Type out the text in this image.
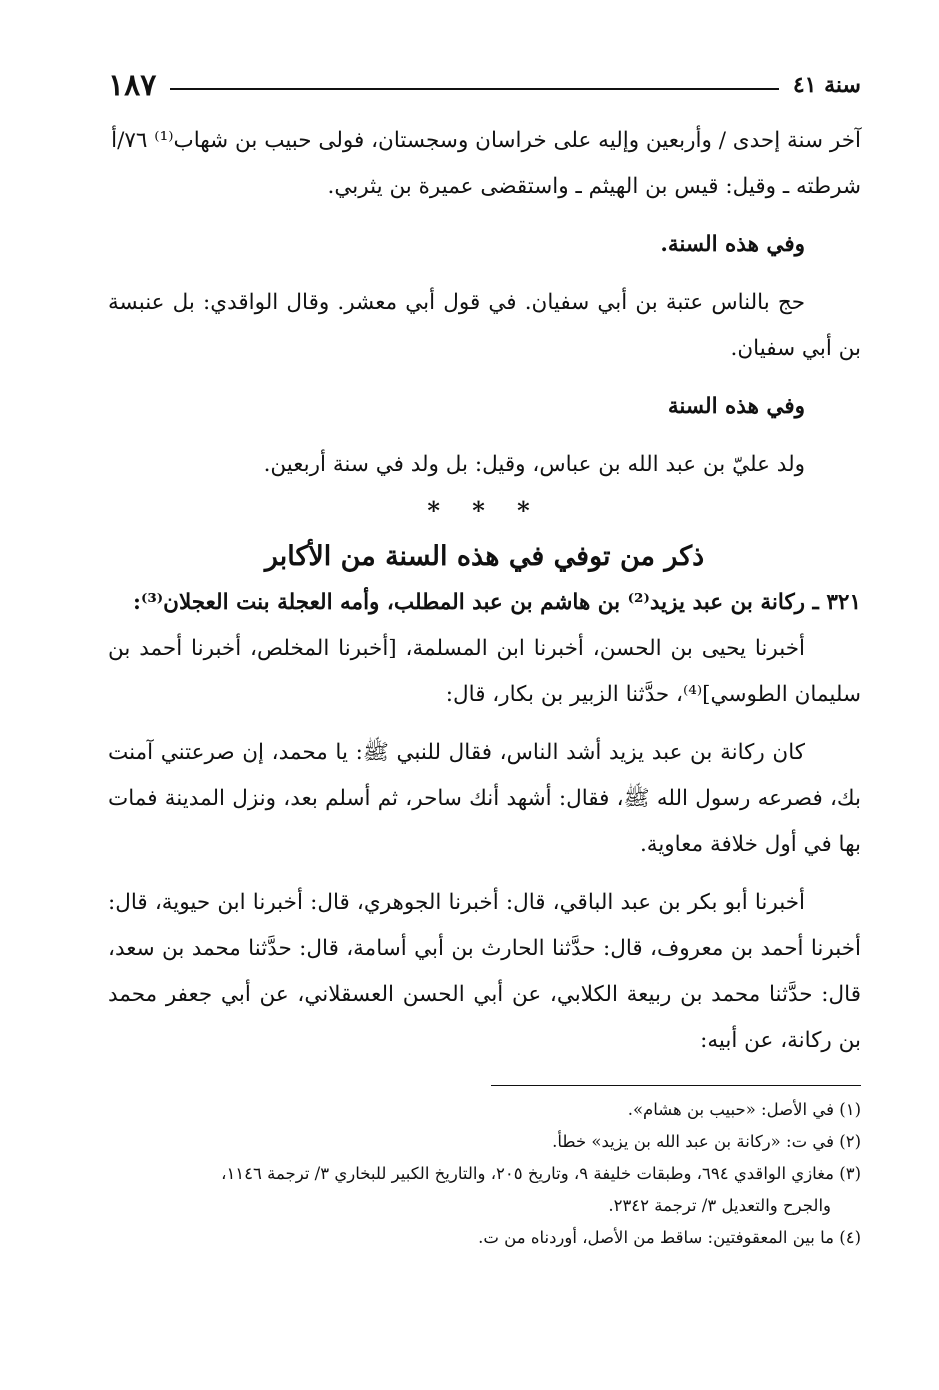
سنة ٤١
١٨٧

آخر سنة إحدى / وأربعين وإليه على خراسان وسجستان، فولى حبيب بن شهاب⁽¹⁾ ٧٦/أ

شرطته ـ وقيل: قيس بن الهيثم ـ واستقضى عميرة بن يثربي.

وفي هذه السنة.

حج بالناس عتبة بن أبي سفيان. في قول أبي معشر. وقال الواقدي: بل عنبسة بن أبي سفيان.

وفي هذه السنة

ولد عليّ بن عبد الله بن عباس، وقيل: بل ولد في سنة أربعين.

* * *

ذكر من توفي في هذه السنة من الأكابر

٣٢١ ـ ركانة بن عبد يزيد⁽²⁾ بن هاشم بن عبد المطلب، وأمه العجلة بنت العجلان⁽³⁾:

أخبرنا يحيى بن الحسن، أخبرنا ابن المسلمة، [أخبرنا المخلص، أخبرنا أحمد بن سليمان الطوسي]⁽⁴⁾، حدَّثنا الزبير بن بكار، قال:

كان ركانة بن عبد يزيد أشد الناس، فقال للنبي ﷺ: يا محمد، إن صرعتني آمنت بك، فصرعه رسول الله ﷺ، فقال: أشهد أنك ساحر، ثم أسلم بعد، ونزل المدينة فمات بها في أول خلافة معاوية.

أخبرنا أبو بكر بن عبد الباقي، قال: أخبرنا الجوهري، قال: أخبرنا ابن حيوية، قال: أخبرنا أحمد بن معروف، قال: حدَّثنا الحارث بن أبي أسامة، قال: حدَّثنا محمد بن سعد، قال: حدَّثنا محمد بن ربيعة الكلابي، عن أبي الحسن العسقلاني، عن أبي جعفر محمد بن ركانة، عن أبيه:

(١) في الأصل: «حبيب بن هشام».

(٢) في ت: «ركانة بن عبد الله بن يزيد» خطأ.

(٣) مغازي الواقدي ٦٩٤، وطبقات خليفة ٩، وتاريخ ٢٠٥، والتاريخ الكبير للبخاري ٣/ ترجمة ١١٤٦،

والجرح والتعديل ٣/ ترجمة ٢٣٤٢.

(٤) ما بين المعقوفتين: ساقط من الأصل، أوردناه من ت.
